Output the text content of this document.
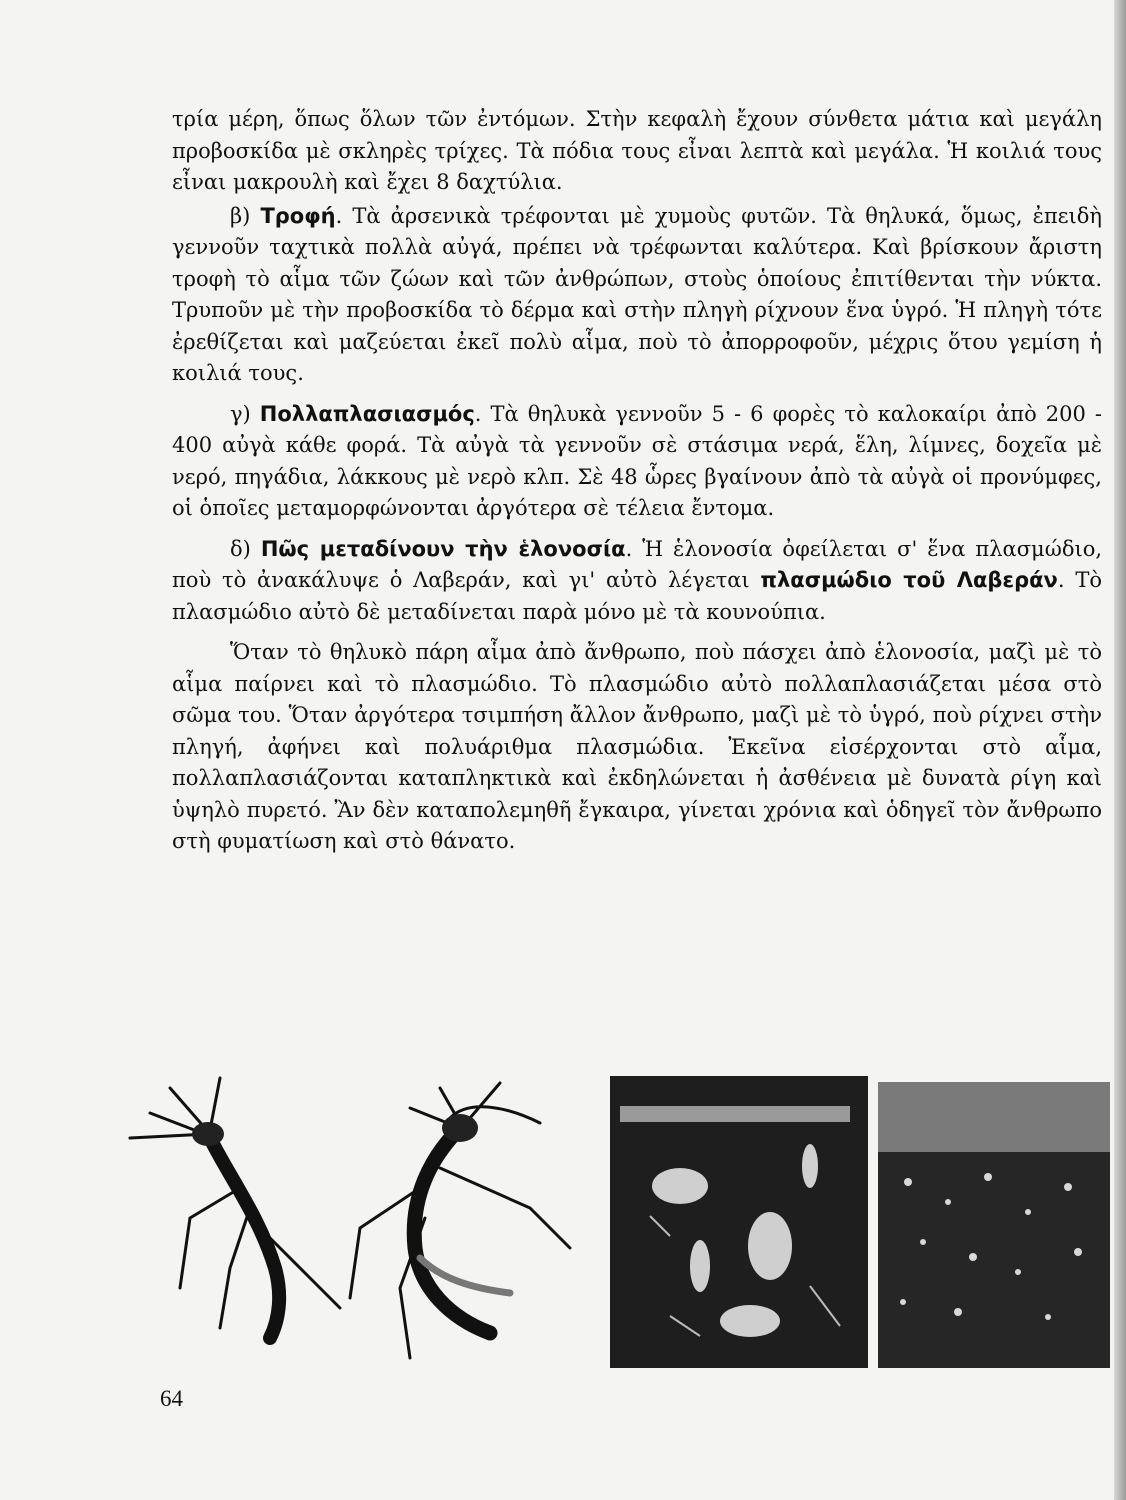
τρία μέρη, ὅπως ὅλων τῶν ἐντόμων. Στὴν κεφαλὴ ἔχουν σύνθετα μάτια καὶ μεγάλη προβοσκίδα μὲ σκληρὲς τρίχες. Τὰ πόδια τους εἶναι λεπτὰ καὶ μεγάλα. Ἡ κοιλιά τους εἶναι μακρουλὴ καὶ ἔχει 8 δαχτύλια.

β) Τροφή. Τὰ ἀρσενικὰ τρέφονται μὲ χυμοὺς φυτῶν. Τὰ θηλυκά, ὅμως, ἐπειδὴ γεννοῦν ταχτικὰ πολλὰ αὐγά, πρέπει νὰ τρέφωνται καλύτερα. Καὶ βρίσκουν ἄριστη τροφὴ τὸ αἷμα τῶν ζώων καὶ τῶν ἀνθρώπων, στοὺς ὁποίους ἐπιτίθενται τὴν νύκτα. Τρυποῦν μὲ τὴν προβοσκίδα τὸ δέρμα καὶ στὴν πληγὴ ρίχνουν ἕνα ὑγρό. Ἡ πληγὴ τότε ἐρεθίζεται καὶ μαζεύεται ἐκεῖ πολὺ αἷμα, ποὺ τὸ ἀπορροφοῦν, μέχρις ὅτου γεμίση ἡ κοιλιά τους.

γ) Πολλαπλασιασμός. Τὰ θηλυκὰ γεννοῦν 5 - 6 φορὲς τὸ καλοκαίρι ἀπὸ 200 - 400 αὐγὰ κάθε φορά. Τὰ αὐγὰ τὰ γεννοῦν σὲ στάσιμα νερά, ἕλη, λίμνες, δοχεῖα μὲ νερό, πηγάδια, λάκκους μὲ νερὸ κλπ. Σὲ 48 ὧρες βγαίνουν ἀπὸ τὰ αὐγὰ οἱ προνύμφες, οἱ ὁποῖες μεταμορφώνονται ἀργότερα σὲ τέλεια ἔντομα.

δ) Πῶς μεταδίνουν τὴν ἑλονοσία. Ἡ ἑλονοσία ὀφείλεται σ' ἕνα πλασμώδιο, ποὺ τὸ ἀνακάλυψε ὁ Λαβεράν, καὶ γι' αὐτὸ λέγεται πλασμώδιο τοῦ Λαβεράν. Τὸ πλασμώδιο αὐτὸ δὲ μεταδίνεται παρὰ μόνο μὲ τὰ κουνούπια.

Ὅταν τὸ θηλυκὸ πάρη αἷμα ἀπὸ ἄνθρωπο, ποὺ πάσχει ἀπὸ ἑλονοσία, μαζὶ μὲ τὸ αἷμα παίρνει καὶ τὸ πλασμώδιο. Τὸ πλασμώδιο αὐτὸ πολλαπλασιάζεται μέσα στὸ σῶμα του. Ὅταν ἀργότερα τσιμπήση ἄλλον ἄνθρωπο, μαζὶ μὲ τὸ ὑγρό, ποὺ ρίχνει στὴν πληγή, ἀφήνει καὶ πολυάριθμα πλασμώδια. Ἐκεῖνα εἰσέρχονται στὸ αἷμα, πολλαπλασιάζονται καταπληκτικὰ καὶ ἐκδηλώνεται ἡ ἀσθένεια μὲ δυνατὰ ρίγη καὶ ὑψηλὸ πυρετό. Ἂν δὲν καταπολεμηθῆ ἔγκαιρα, γίνεται χρόνια καὶ ὁδηγεῖ τὸν ἄνθρωπο στὴ φυματίωση καὶ στὸ θάνατο.

64
